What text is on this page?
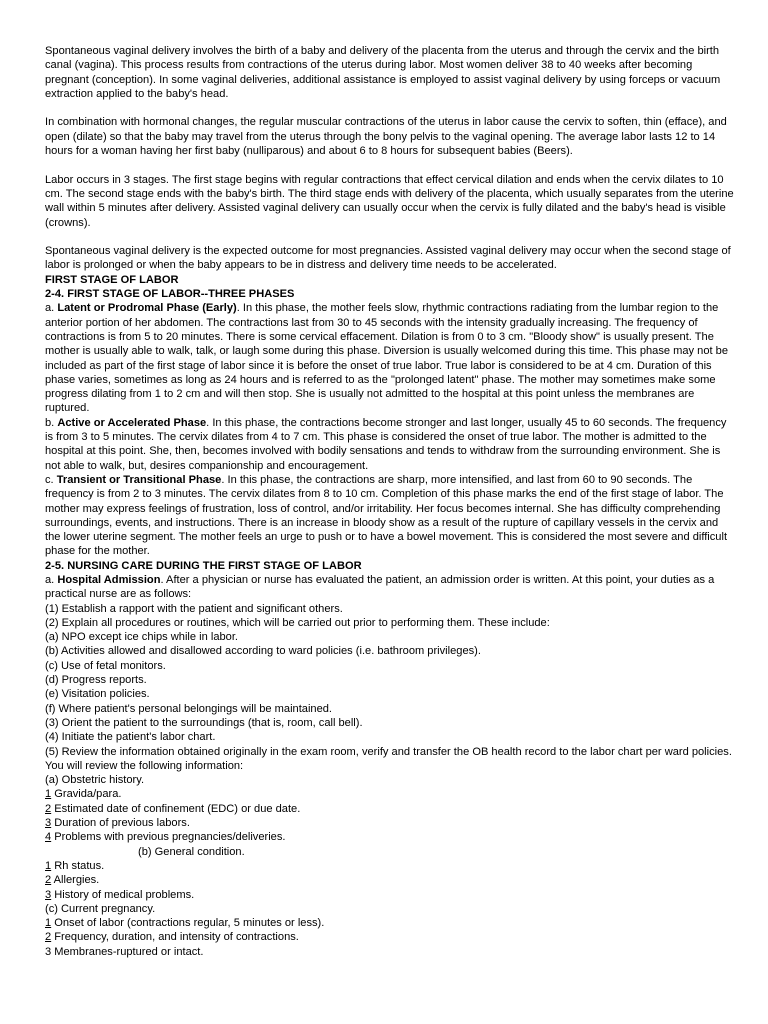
Spontaneous vaginal delivery involves the birth of a baby and delivery of the placenta from the uterus and through the cervix and the birth canal (vagina). This process results from contractions of the uterus during labor. Most women deliver 38 to 40 weeks after becoming pregnant (conception). In some vaginal deliveries, additional assistance is employed to assist vaginal delivery by using forceps or vacuum extraction applied to the baby's head.

In combination with hormonal changes, the regular muscular contractions of the uterus in labor cause the cervix to soften, thin (efface), and open (dilate) so that the baby may travel from the uterus through the bony pelvis to the vaginal opening. The average labor lasts 12 to 14 hours for a woman having her first baby (nulliparous) and about 6 to 8 hours for subsequent babies (Beers).

Labor occurs in 3 stages. The first stage begins with regular contractions that effect cervical dilation and ends when the cervix dilates to 10 cm. The second stage ends with the baby's birth. The third stage ends with delivery of the placenta, which usually separates from the uterine wall within 5 minutes after delivery. Assisted vaginal delivery can usually occur when the cervix is fully dilated and the baby's head is visible (crowns).

Spontaneous vaginal delivery is the expected outcome for most pregnancies. Assisted vaginal delivery may occur when the second stage of labor is prolonged or when the baby appears to be in distress and delivery time needs to be accelerated.

FIRST STAGE OF LABOR
2-4. FIRST STAGE OF LABOR--THREE PHASES
a. Latent or Prodromal Phase (Early). In this phase, the mother feels slow, rhythmic contractions radiating from the lumbar region to the anterior portion of her abdomen. The contractions last from 30 to 45 seconds with the intensity gradually increasing. The frequency of contractions is from 5 to 20 minutes. There is some cervical effacement. Dilation is from 0 to 3 cm. "Bloody show" is usually present. The mother is usually able to walk, talk, or laugh some during this phase. Diversion is usually welcomed during this time. This phase may not be included as part of the first stage of labor since it is before the onset of true labor. True labor is considered to be at 4 cm. Duration of this phase varies, sometimes as long as 24 hours and is referred to as the "prolonged latent" phase. The mother may sometimes make some progress dilating from 1 to 2 cm and will then stop. She is usually not admitted to the hospital at this point unless the membranes are ruptured.
b. Active or Accelerated Phase. In this phase, the contractions become stronger and last longer, usually 45 to 60 seconds. The frequency is from 3 to 5 minutes. The cervix dilates from 4 to 7 cm. This phase is considered the onset of true labor. The mother is admitted to the hospital at this point. She, then, becomes involved with bodily sensations and tends to withdraw from the surrounding environment. She is not able to walk, but, desires companionship and encouragement.
c. Transient or Transitional Phase. In this phase, the contractions are sharp, more intensified, and last from 60 to 90 seconds. The frequency is from 2 to 3 minutes. The cervix dilates from 8 to 10 cm. Completion of this phase marks the end of the first stage of labor. The mother may express feelings of frustration, loss of control, and/or irritability. Her focus becomes internal. She has difficulty comprehending surroundings, events, and instructions. There is an increase in bloody show as a result of the rupture of capillary vessels in the cervix and the lower uterine segment. The mother feels an urge to push or to have a bowel movement. This is considered the most severe and difficult phase for the mother.
2-5. NURSING CARE DURING THE FIRST STAGE OF LABOR
a. Hospital Admission. After a physician or nurse has evaluated the patient, an admission order is written. At this point, your duties as a practical nurse are as follows:
(1) Establish a rapport with the patient and significant others.
(2) Explain all procedures or routines, which will be carried out prior to performing them. These include:
(a) NPO except ice chips while in labor.
(b) Activities allowed and disallowed according to ward policies (i.e. bathroom privileges).
(c) Use of fetal monitors.
(d) Progress reports.
(e) Visitation policies.
(f) Where patient's personal belongings will be maintained.
(3) Orient the patient to the surroundings (that is, room, call bell).
(4) Initiate the patient's labor chart.
(5) Review the information obtained originally in the exam room, verify and transfer the OB health record to the labor chart per ward policies. You will review the following information:
(a) Obstetric history.
1 Gravida/para.
2 Estimated date of confinement (EDC) or due date.
3 Duration of previous labors.
4 Problems with previous pregnancies/deliveries.
(b) General condition.
1 Rh status.
2 Allergies.
3 History of medical problems.
(c) Current pregnancy.
1 Onset of labor (contractions regular, 5 minutes or less).
2 Frequency, duration, and intensity of contractions.
3 Membranes-ruptured or intact.
